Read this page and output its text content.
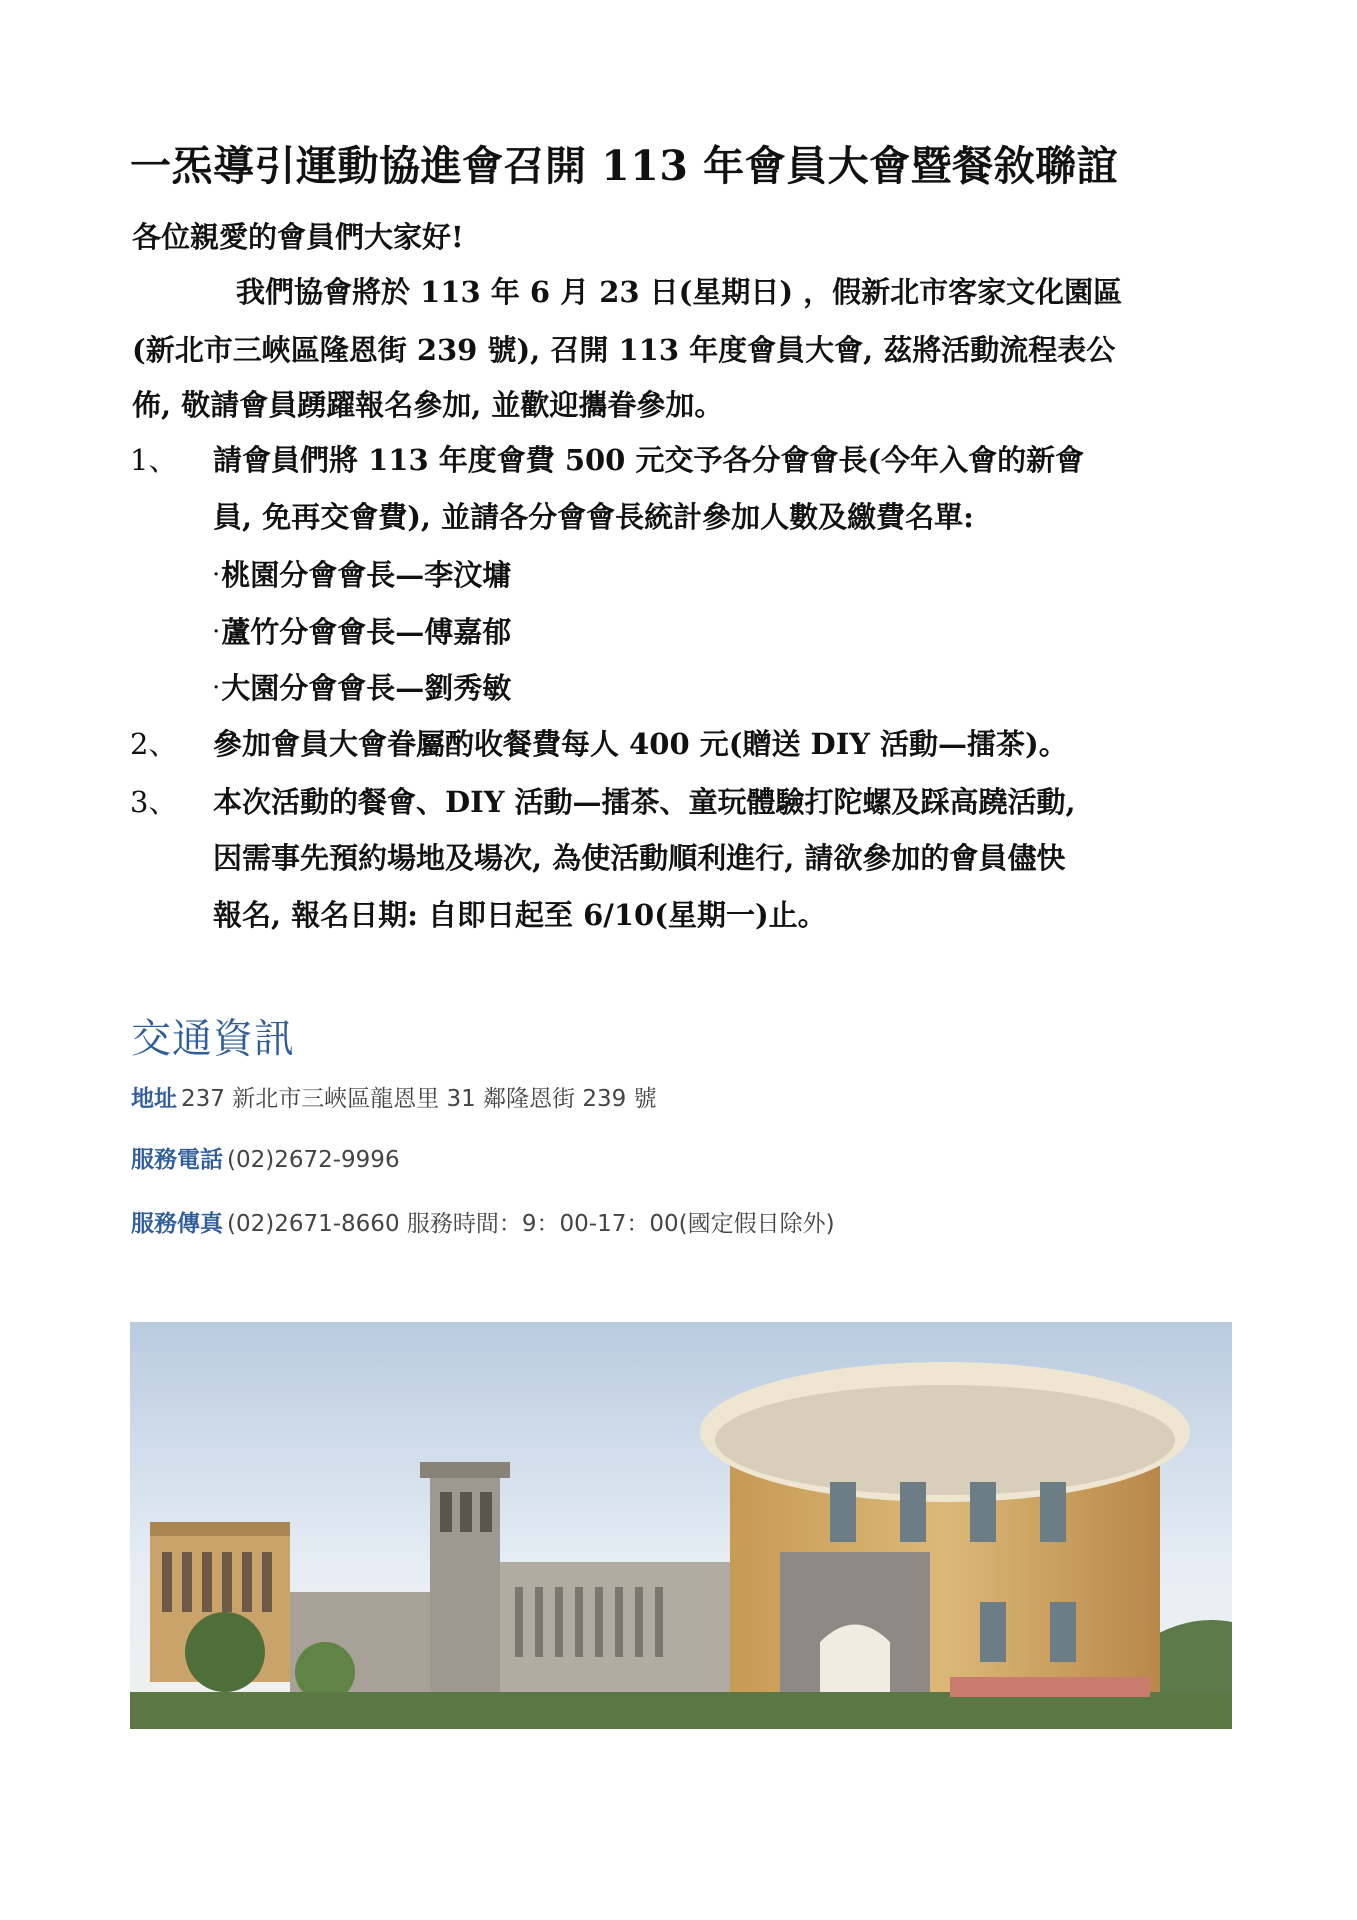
一炁導引運動協進會召開 113 年會員大會暨餐敘聯誼
各位親愛的會員們大家好!
我們協會將於 113 年 6 月 23 日(星期日) ，假新北市客家文化園區
(新北市三峽區隆恩街 239 號), 召開 113 年度會員大會, 茲將活動流程表公
佈, 敬請會員踴躍報名參加, 並歡迎攜眷參加。
1、 請會員們將 113 年度會費 500 元交予各分會會長(今年入會的新會
員, 免再交會費), 並請各分會會長統計參加人數及繳費名單:
·桃園分會會長—李汶墉
·蘆竹分會會長—傅嘉郁
·大園分會會長—劉秀敏
2、 參加會員大會眷屬酌收餐費每人 400 元(贈送 DIY 活動—擂茶)。
3、 本次活動的餐會、DIY 活動—擂茶、童玩體驗打陀螺及踩高蹺活動,
因需事先預約場地及場次, 為使活動順利進行, 請欲參加的會員儘快
報名, 報名日期: 自即日起至 6/10(星期一)止。
交通資訊
地址 237 新北市三峽區龍恩里 31 鄰隆恩街 239 號
服務電話 (02)2672-9996
服務傳真 (02)2671-8660 服務時間：9：00-17：00(國定假日除外)
